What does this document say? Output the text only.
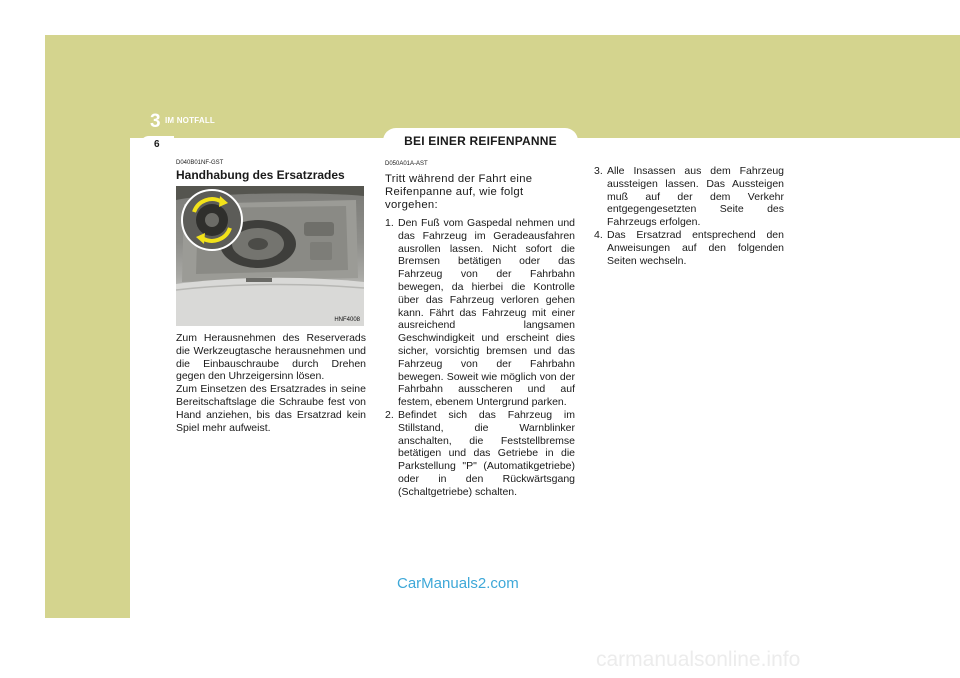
3 IM NOTFALL
6	BEI EINER REIFENPANNE

D040B01NF-GST

Handhabung des Ersatzrades
HNF4008

Zum Herausnehmen des Reserverads die Werkzeugtasche herausnehmen und die Einbauschraube durch Drehen gegen den Uhrzeigersinn lösen.

Zum Einsetzen des Ersatzrades in seine Bereitschaftslage die Schraube fest von Hand anziehen, bis das Ersatzrad kein Spiel mehr aufweist.

D050A01A-AST

Tritt während der Fahrt eine Reifenpanne auf, wie folgt vorgehen:

1. Den Fuß vom Gaspedal nehmen und das Fahrzeug im Geradeausfahren ausrollen lassen. Nicht sofort die Bremsen betätigen oder das Fahrzeug von der Fahrbahn bewegen, da hierbei die Kontrolle über das Fahrzeug verloren gehen kann. Fährt das Fahrzeug mit einer ausreichend langsamen Geschwindigkeit und erscheint dies sicher, vorsichtig bremsen und das Fahrzeug von der Fahrbahn bewegen. Soweit wie möglich von der Fahrbahn ausscheren und auf festem, ebenem Untergrund parken.
2. Befindet sich das Fahrzeug im Stillstand, die Warnblinker anschalten, die Feststellbremse betätigen und das Getriebe in die Parkstellung "P" (Automatikgetriebe) oder in den Rückwärtsgang (Schaltgetriebe) schalten.
3. Alle Insassen aus dem Fahrzeug aussteigen lassen. Das Aussteigen muß auf der dem Verkehr entgegengesetzten Seite des Fahrzeugs erfolgen.
4. Das Ersatzrad entsprechend den Anweisungen auf den folgenden Seiten wechseln.
CarManuals2.com
carmanualsonline.info
